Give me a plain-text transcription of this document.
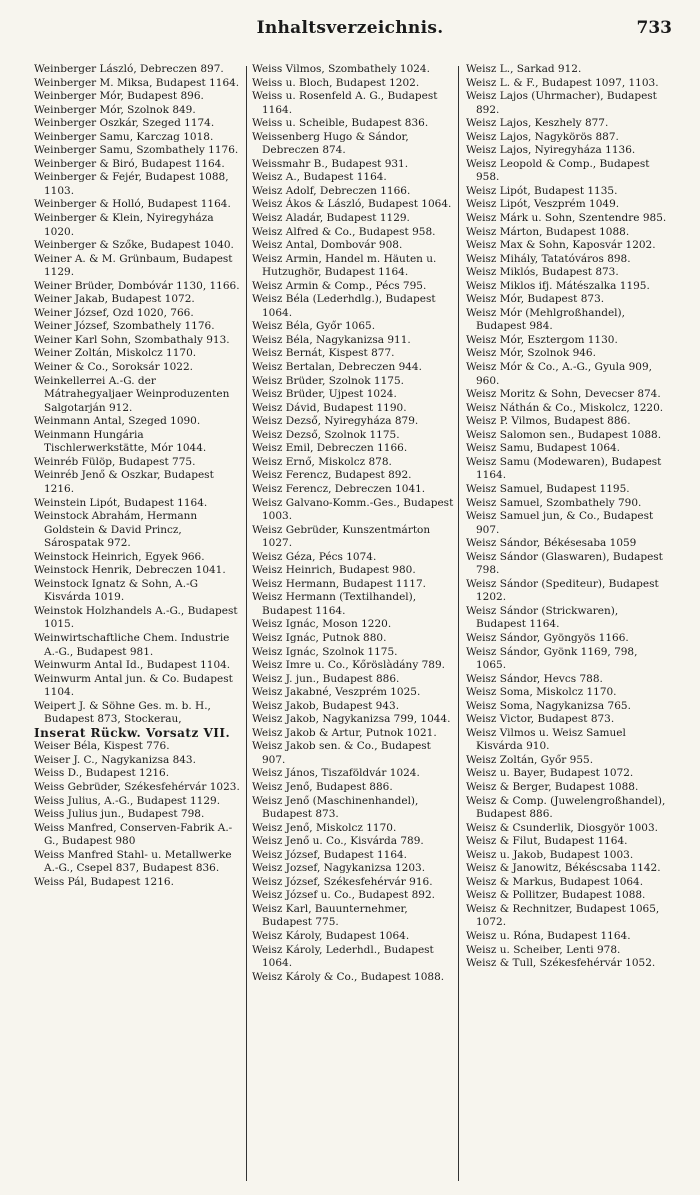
Inhaltsverzeichnis.	733

Weinberger László, Debreczen 897.

Weinberger M. Miksa, Budapest 1164.

Weinberger Mór, Budapest 896.

Weinberger Mór, Szolnok 849.

Weinberger Oszkár, Szeged 1174.

Weinberger Samu, Karczag 1018.

Weinberger Samu, Szombathely 1176.

Weinberger & Biró, Budapest 1164.

Weinberger & Fejér, Budapest 1088, 1103.

Weinberger & Holló, Budapest 1164.

Weinberger & Klein, Nyiregyháza 1020.

Weinberger & Szőke, Budapest 1040.

Weiner A. & M. Grünbaum, Budapest 1129.

Weiner Brüder, Dombóvár 1130, 1166.

Weiner Jakab, Budapest 1072.

Weiner József, Ozd 1020, 766.

Weiner József, Szombathely 1176.

Weiner Karl Sohn, Szombathaly 913.

Weiner Zoltán, Miskolcz 1170.

Weiner & Co., Soroksár 1022.

Weinkellerrei A.-G. der Mátrahegyaljaer Weinproduzenten Salgotarján 912.

Weinmann Antal, Szeged 1090.

Weinmann Hungária Tischlerwerkstätte, Mór 1044.

Weinréb Fülöp, Budapest 775.

Weinréb Jenő & Oszkar, Budapest 1216.

Weinstein Lipót, Budapest 1164.

Weinstock Abrahám, Hermann Goldstein & David Princz, Sárospatak 972.

Weinstock Heinrich, Egyek 966.

Weinstock Henrik, Debreczen 1041.

Weinstock Ignatz & Sohn, A.-G Kisvárda 1019.

Weinstok Holzhandels A.-G., Budapest 1015.

Weinwirtschaftliche Chem. Industrie A.-G., Budapest 981.

Weinwurm Antal Id., Budapest 1104.

Weinwurm Antal jun. & Co. Budapest 1104.

Weipert J. & Söhne Ges. m. b. H., Budapest 873, Stockerau,

Inserat Rückw. Vorsatz VII.

Weiser Béla, Kispest 776.

Weiser J. C., Nagykanizsa 843.

Weiss D., Budapest 1216.

Weiss Gebrüder, Székesfehérvár 1023.

Weiss Julius, A.-G., Budapest 1129.

Weiss Julius jun., Budapest 798.

Weiss Manfred, Conserven-Fabrik A.-G., Budapest 980

Weiss Manfred Stahl- u. Metallwerke A.-G., Csepel 837, Budapest 836.

Weiss Pál, Budapest 1216.

Weiss Vilmos, Szombathely 1024.

Weiss u. Bloch, Budapest 1202.

Weiss u. Rosenfeld A. G., Budapest 1164.

Weiss u. Scheible, Budapest 836.

Weissenberg Hugo & Sándor, Debreczen 874.

Weissmahr B., Budapest 931.

Weisz A., Budapest 1164.

Weisz Adolf, Debreczen 1166.

Weisz Ákos & László, Budapest 1064.

Weisz Aladár, Budapest 1129.

Weisz Alfred & Co., Budapest 958.

Weisz Antal, Dombovár 908.

Weisz Armin, Handel m. Häuten u. Hutzughör, Budapest 1164.

Weisz Armin & Comp., Pécs 795.

Weisz Béla (Lederhdlg.), Budapest 1064.

Weisz Béla, Győr 1065.

Weisz Béla, Nagykanizsa 911.

Weisz Bernát, Kispest 877.

Weisz Bertalan, Debreczen 944.

Weisz Brüder, Szolnok 1175.

Weisz Brüder, Ujpest 1024.

Weisz Dávid, Budapest 1190.

Weisz Dezső, Nyiregyháza 879.

Weisz Dezső, Szolnok 1175.

Weisz Emil, Debreczen 1166.

Weisz Ernő, Miskolcz 878.

Weisz Ferencz, Budapest 892.

Weisz Ferencz, Debreczen 1041.

Weisz Galvano-Komm.-Ges., Budapest 1003.

Weisz Gebrüder, Kunszentmárton 1027.

Weisz Géza, Pécs 1074.

Weisz Heinrich, Budapest 980.

Weisz Hermann, Budapest 1117.

Weisz Hermann (Textilhandel), Budapest 1164.

Weisz Ignác, Moson 1220.

Weisz Ignác, Putnok 880.

Weisz Ignác, Szolnok 1175.

Weisz Imre u. Co., Kőröslàdány 789.

Weisz J. jun., Budapest 886.

Weisz Jakabné, Veszprém 1025.

Weisz Jakob, Budapest 943.

Weisz Jakob, Nagykanizsa 799, 1044.

Weisz Jakob & Artur, Putnok 1021.

Weisz Jakob sen. & Co., Budapest 907.

Weisz János, Tiszaföldvár 1024.

Weisz Jenő, Budapest 886.

Weisz Jenő (Maschinenhandel), Budapest 873.

Weisz Jenő, Miskolcz 1170.

Weisz Jenő u. Co., Kisvárda 789.

Weisz József, Budapest 1164.

Weisz Jozsef, Nagykanizsa 1203.

Weisz József, Székesfehérvár 916.

Weisz József u. Co., Budapest 892.

Weisz Karl, Bauunternehmer, Budapest 775.

Weisz Károly, Budapest 1064.

Weisz Károly, Lederhdl., Budapest 1064.

Weisz Károly & Co., Budapest 1088.

Weisz L., Sarkad 912.

Weisz L. & F., Budapest 1097, 1103.

Weisz Lajos (Uhrmacher), Budapest 892.

Weisz Lajos, Keszhely 877.

Weisz Lajos, Nagykörös 887.

Weisz Lajos, Nyiregyháza 1136.

Weisz Leopold & Comp., Budapest 958.

Weisz Lipót, Budapest 1135.

Weisz Lipót, Veszprém 1049.

Weisz Márk u. Sohn, Szentendre 985.

Weisz Márton, Budapest 1088.

Weisz Max & Sohn, Kaposvár 1202.

Weisz Mihály, Tatatóváros 898.

Weisz Miklós, Budapest 873.

Weisz Miklos ifj. Mátészalka 1195.

Weisz Mór, Budapest 873.

Weisz Mór (Mehlgroßhandel), Budapest 984.

Weisz Mór, Esztergom 1130.

Weisz Mór, Szolnok 946.

Weisz Mór & Co., A.-G., Gyula 909, 960.

Weisz Moritz & Sohn, Devecser 874.

Weisz Náthán & Co., Miskolcz, 1220.

Weisz P. Vilmos, Budapest 886.

Weisz Salomon sen., Budapest 1088.

Weisz Samu, Budapest 1064.

Weisz Samu (Modewaren), Budapest 1164.

Weisz Samuel, Budapest 1195.

Weisz Samuel, Szombathely 790.

Weisz Samuel jun, & Co., Budapest 907.

Weisz Sándor, Békésesaba 1059

Weisz Sándor (Glaswaren), Budapest 798.

Weisz Sándor (Spediteur), Budapest 1202.

Weisz Sándor (Strickwaren), Budapest 1164.

Weisz Sándor, Gyöngyös 1166.

Weisz Sándor, Gyönk 1169, 798, 1065.

Weisz Sándor, Hevcs 788.

Weisz Soma, Miskolcz 1170.

Weisz Soma, Nagykanizsa 765.

Weisz Victor, Budapest 873.

Weisz Vilmos u. Weisz Samuel Kisvárda 910.

Weisz Zoltán, Győr 955.

Weisz u. Bayer, Budapest 1072.

Weisz & Berger, Budapest 1088.

Weisz & Comp. (Juwelengroßhandel), Budapest 886.

Weisz & Csunderlik, Diosgyör 1003.

Weisz & Filut, Budapest 1164.

Weisz u. Jakob, Budapest 1003.

Weisz & Janowitz, Békéscsaba 1142.

Weisz & Markus, Budapest 1064.

Weisz & Pollitzer, Budapest 1088.

Weisz & Rechnitzer, Budapest 1065, 1072.

Weisz u. Róna, Budapest 1164.

Weisz u. Scheiber, Lenti 978.

Weisz & Tull, Székesfehérvár 1052.
